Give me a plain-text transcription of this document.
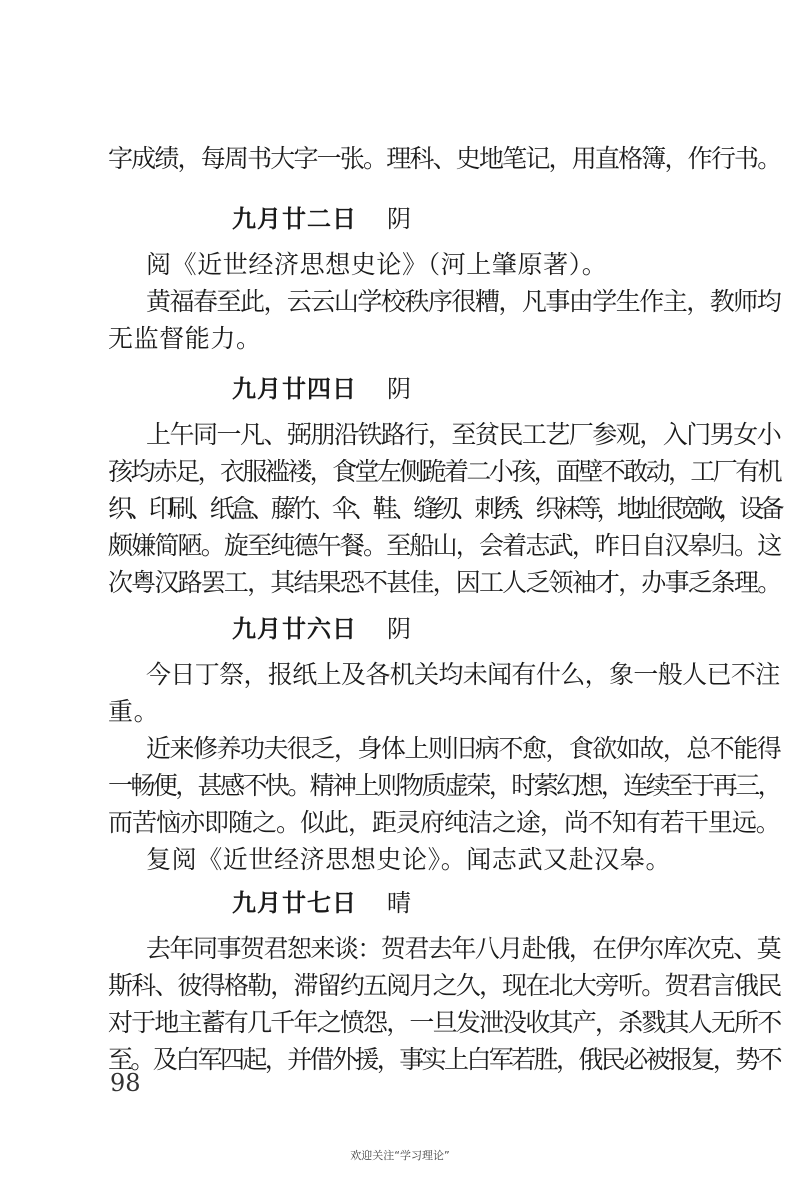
字成绩，每周书大字一张。理科、史地笔记，用直格簿，作行书。
九月廿二日 阴
阅《近世经济思想史论》（河上肇原著）。
黄福春至此，云云山学校秩序很糟，凡事由学生作主，教师均
无监督能力。
九月廿四日 阴
上午同一凡、弼朋沿铁路行，至贫民工艺厂参观，入门男女小
孩均赤足，衣服褴褛，食堂左侧跪着二小孩，面壁不敢动，工厂有机
织、印刷、纸盒、藤竹、伞、鞋、缝纫、刺绣、织袜等，地址很宽敞，设备
颇嫌简陋。旋至纯德午餐。至船山，会着志武，昨日自汉皋归。这
次粤汉路罢工，其结果恐不甚佳，因工人乏领袖才，办事乏条理。
九月廿六日 阴
今日丁祭，报纸上及各机关均未闻有什么，象一般人已不注
重。
近来修养功夫很乏，身体上则旧病不愈，食欲如故，总不能得
一畅便，甚感不快。精神上则物质虚荣，时萦幻想，连续至于再三，
而苦恼亦即随之。似此，距灵府纯洁之途，尚不知有若干里远。
复阅《近世经济思想史论》。闻志武又赴汉皋。
九月廿七日 晴
去年同事贺君恕来谈：贺君去年八月赴俄，在伊尔库次克、莫
斯科、彼得格勒，滞留约五阅月之久，现在北大旁听。贺君言俄民
对于地主蓄有几千年之愤怨，一旦发泄没收其产，杀戮其人无所不
至。及白军四起，并借外援，事实上白军若胜，俄民必被报复，势不
98
欢迎关注“学习理论”
